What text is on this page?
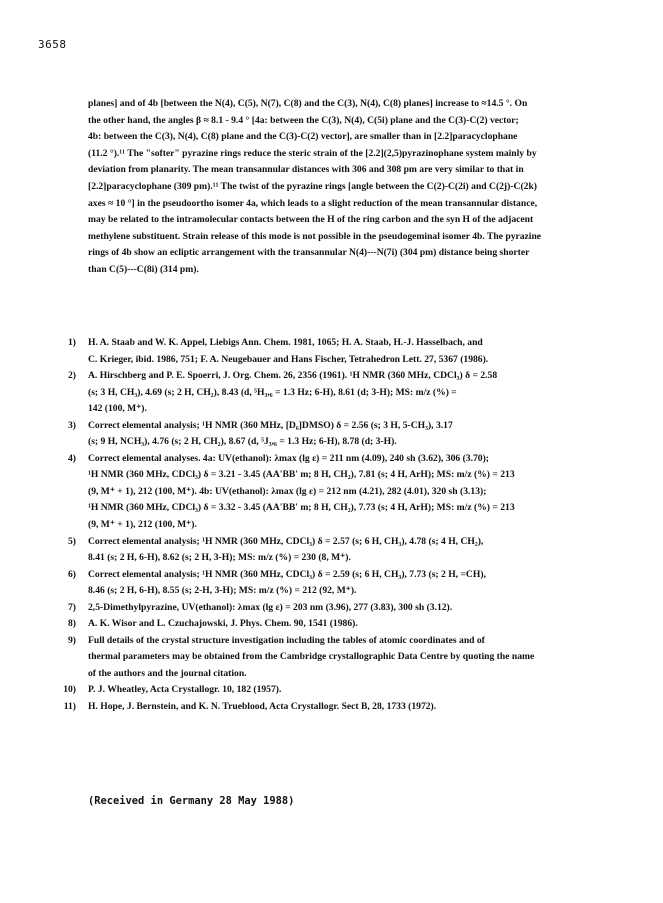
3658
planes] and of 4b [between the N(4), C(5), N(7), C(8) and the C(3), N(4), C(8) planes] increase to ≈14.5 °. On
the other hand, the angles β ≈ 8.1 - 9.4 ° [4a: between the C(3), N(4), C(5i) plane and the C(3)-C(2) vector;
4b: between the C(3), N(4), C(8) plane and the C(3)-C(2) vector], are smaller than in [2.2]paracyclophane
(11.2 °).¹¹ The "softer" pyrazine rings reduce the steric strain of the [2.2](2,5)pyrazinophane system mainly by
deviation from planarity. The mean transannular distances with 306 and 308 pm are very similar to that in
[2.2]paracyclophane (309 pm).¹¹ The twist of the pyrazine rings [angle between the C(2)-C(2i) and C(2j)-C(2k)
axes ≈ 10 °] in the pseudoortho isomer 4a, which leads to a slight reduction of the mean transannular distance,
may be related to the intramolecular contacts between the H of the ring carbon and the syn H of the adjacent
methylene substituent. Strain release of this mode is not possible in the pseudogeminal isomer 4b. The pyrazine
rings of 4b show an ecliptic arrangement with the transannular N(4)---N(7i) (304 pm) distance being shorter
than C(5)---C(8i) (314 pm).
1) H. A. Staab and W. K. Appel, Liebigs Ann. Chem. 1981, 1065; H. A. Staab, H.-J. Hasselbach, and
C. Krieger, ibid. 1986, 751; F. A. Neugebauer and Hans Fischer, Tetrahedron Lett. 27, 5367 (1986).
2) A. Hirschberg and P. E. Spoerri, J. Org. Chem. 26, 2356 (1961). ¹H NMR (360 MHz, CDCl₃) δ = 2.58
(s; 3 H, CH₃), 4.69 (s; 2 H, CH₂), 8.43 (d, ⁵H₃,₆ = 1.3 Hz; 6-H), 8.61 (d; 3-H); MS: m/z (%) =
142 (100, M⁺).
3) Correct elemental analysis; ¹H NMR (360 MHz, [D₆]DMSO) δ = 2.56 (s; 3 H, 5-CH₃), 3.17
(s; 9 H, NCH₃), 4.76 (s; 2 H, CH₂), 8.67 (d, ⁵J₃,₆ = 1.3 Hz; 6-H), 8.78 (d; 3-H).
4) Correct elemental analyses. 4a: UV(ethanol): λmax (lg ε) = 211 nm (4.09), 240 sh (3.62), 306 (3.70);
¹H NMR (360 MHz, CDCl₃) δ = 3.21 - 3.45 (AA'BB' m; 8 H, CH₂), 7.81 (s; 4 H, ArH); MS: m/z (%) = 213
(9, M⁺ + 1), 212 (100, M⁺). 4b: UV(ethanol): λmax (lg ε) = 212 nm (4.21), 282 (4.01), 320 sh (3.13);
¹H NMR (360 MHz, CDCl₃) δ = 3.32 - 3.45 (AA'BB' m; 8 H, CH₂), 7.73 (s; 4 H, ArH); MS: m/z (%) = 213
(9, M⁺ + 1), 212 (100, M⁺).
5) Correct elemental analysis; ¹H NMR (360 MHz, CDCl₃) δ = 2.57 (s; 6 H, CH₃), 4.78 (s; 4 H, CH₂),
8.41 (s; 2 H, 6-H), 8.62 (s; 2 H, 3-H); MS: m/z (%) = 230 (8, M⁺).
6) Correct elemental analysis; ¹H NMR (360 MHz, CDCl₃) δ = 2.59 (s; 6 H, CH₃), 7.73 (s; 2 H, =CH),
8.46 (s; 2 H, 6-H), 8.55 (s; 2-H, 3-H); MS: m/z (%) = 212 (92, M⁺).
7) 2,5-Dimethylpyrazine, UV(ethanol): λmax (lg ε) = 203 nm (3.96), 277 (3.83), 300 sh (3.12).
8) A. K. Wisor and L. Czuchajowski, J. Phys. Chem. 90, 1541 (1986).
9) Full details of the crystal structure investigation including the tables of atomic coordinates and of
thermal parameters may be obtained from the Cambridge crystallographic Data Centre by quoting the name
of the authors and the journal citation.
10) P. J. Wheatley, Acta Crystallogr. 10, 182 (1957).
11) H. Hope, J. Bernstein, and K. N. Trueblood, Acta Crystallogr. Sect B, 28, 1733 (1972).
(Received in Germany 28 May 1988)
